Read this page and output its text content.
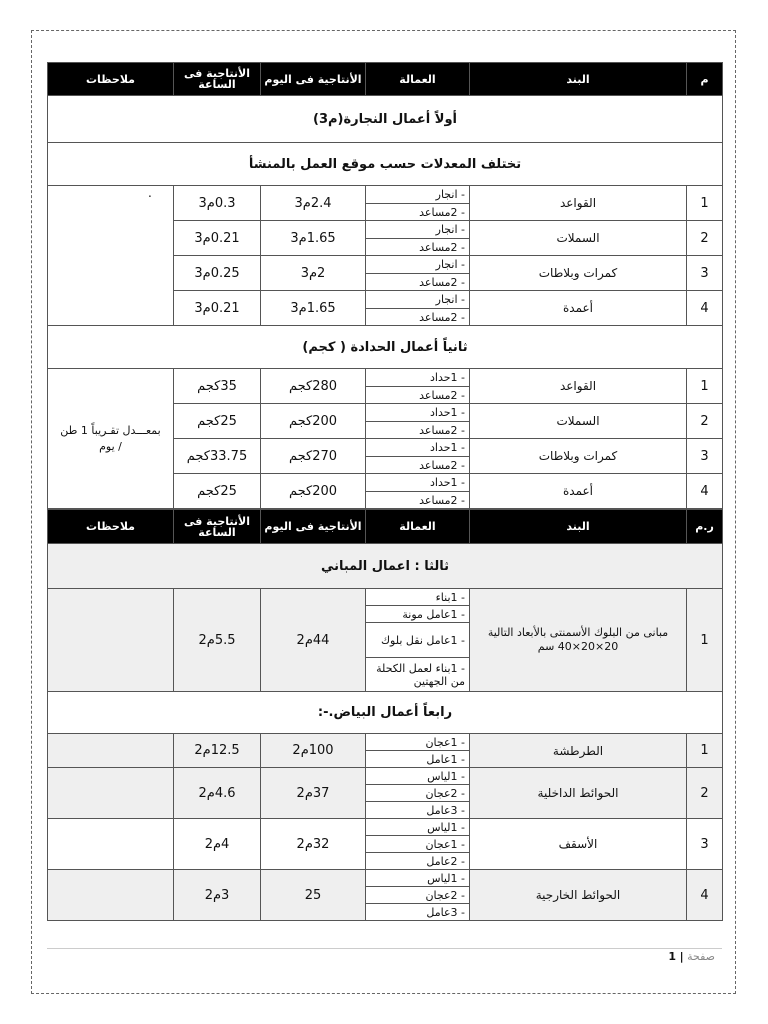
م	البند	العمالة	الأنتاجية فى اليوم	الأنتاجية فى الساعة	ملاحظات
أولاً أعمال النجارة(م3)					
تختلف المعدلات حسب موقع العمل بالمنشأ					
1	القواعد	- انجار	2.4م3	0.3م3	.
		- 2مساعد			
2	السملات	- انجار	1.65م3	0.21م3	
		- 2مساعد			
3	كمرات وبلاطات	- انجار	2م3	0.25م3	
		- 2مساعد			
4	أعمدة	- انجار	1.65م3	0.21م3	
		- 2مساعد			
ثانياً أعمال الحدادة ( كجم)					
1	القواعد	- 1حداد	280كجم	35كجم	بمعـــدل تقـريباً 1 طن / يوم
		- 2مساعد			
2	السملات	- 1حداد	200كجم	25كجم	
		- 2مساعد			
3	كمرات وبلاطات	- 1حداد	270كجم	33.75كجم	
		- 2مساعد			
4	أعمدة	- 1حداد	200كجم	25كجم	
		- 2مساعد			
ر.م	البند	العمالة	الأنتاجية فى اليوم	الأنتاجية فى الساعة	ملاحظات
ثالثا : اعمال المباني					
1	مبانى من البلوك الأسمنتى بالأبعاد التالية 20×20×40 سم	- 1بناء	44م2	5.5م2	
		- 1عامل مونة			
		- 1عامل نقل بلوك			
		- 1بناء لعمل الكحلة من الجهتين			
رابعاً أعمال البياض.-:					
1	الطرطشة	- 1عجان	100م2	12.5م2	
		- 1عامل			
2	الحوائط الداخلية	- 1لياس	37م2	4.6م2	
		- 2عجان			
		- 3عامل			
3	الأسقف	- 1لياس	32م2	4م2	
		- 1عجان			
		- 2عامل			
4	الحوائط الخارجية	- 1لياس	25	3م2	
		- 2عجان			
		- 3عامل			
صفحة | 1
